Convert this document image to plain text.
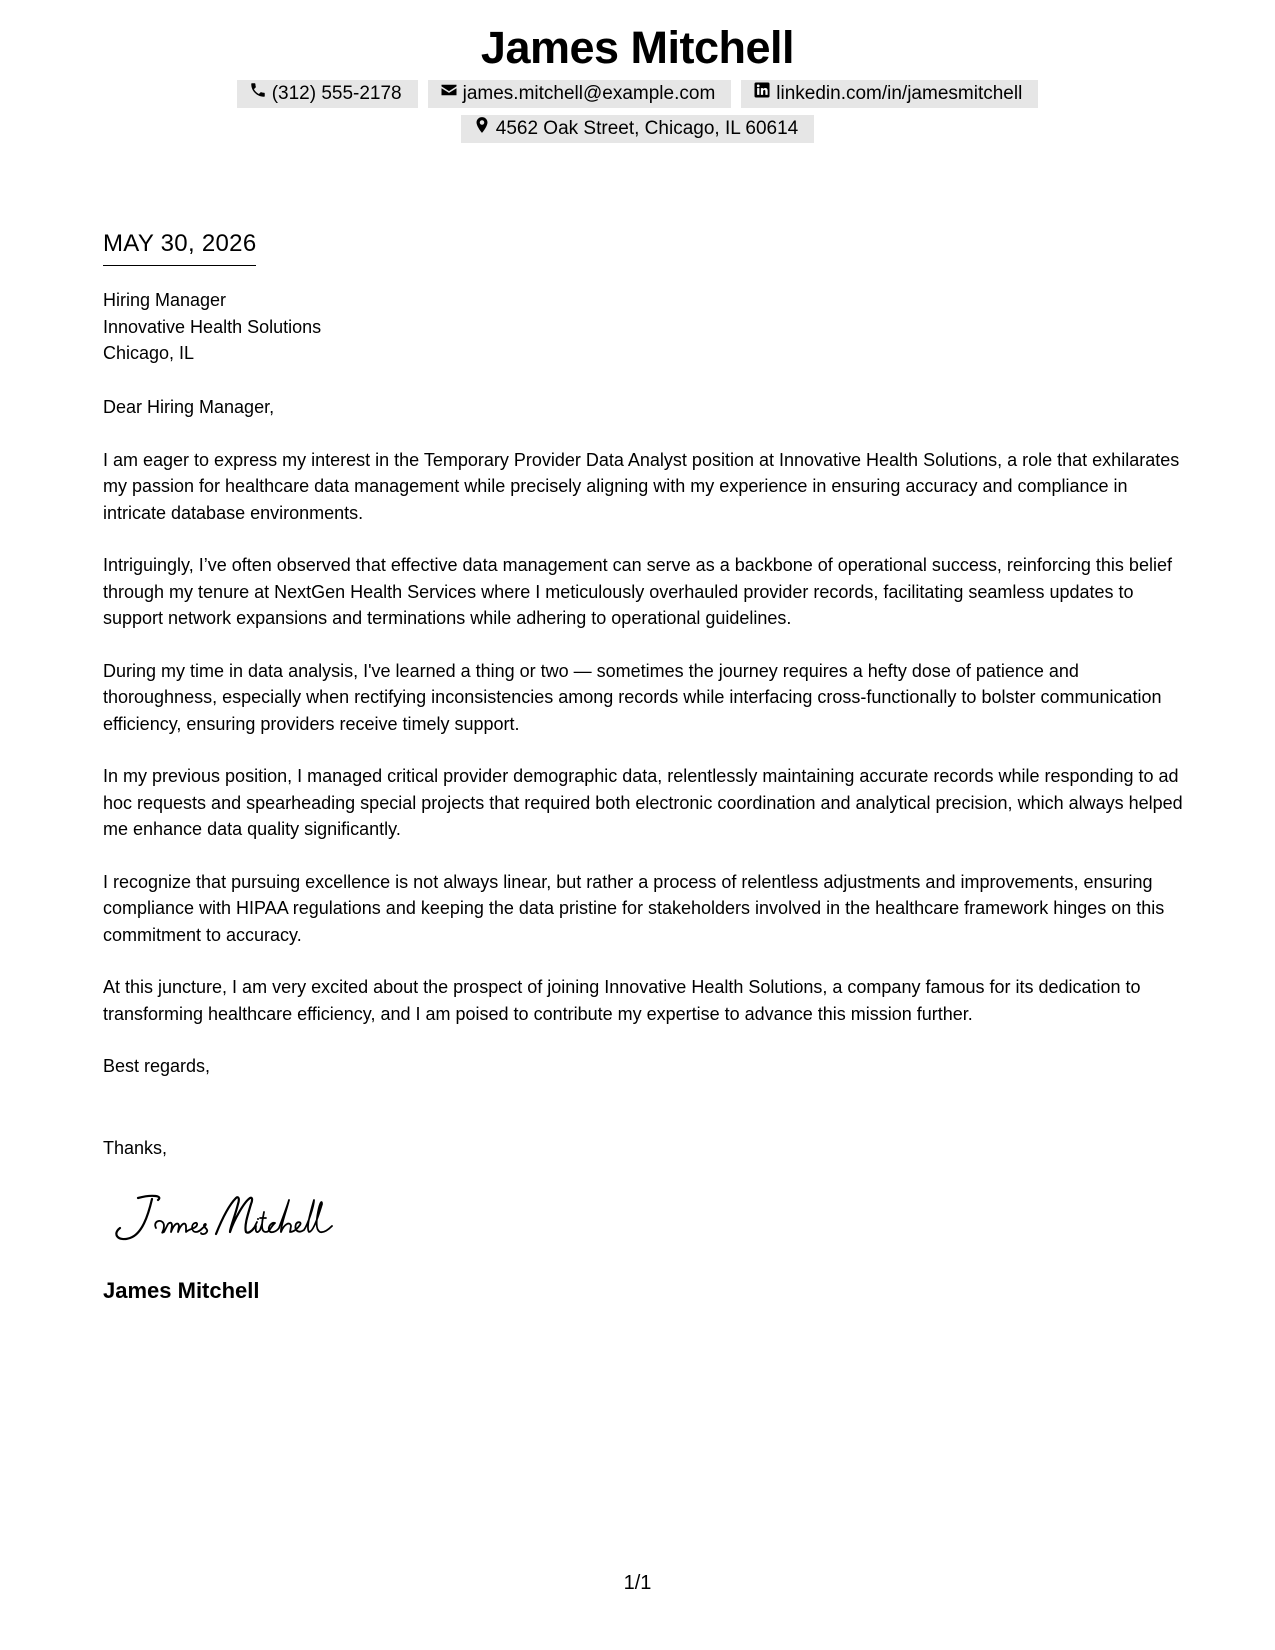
James Mitchell
(312) 555-2178	james.mitchell@example.com	linkedin.com/in/jamesmitchell
4562 Oak Street, Chicago, IL 60614
MAY 30, 2026
Hiring Manager
Innovative Health Solutions
Chicago, IL

Dear Hiring Manager,

I am eager to express my interest in the Temporary Provider Data Analyst position at Innovative Health Solutions, a role that exhilarates my passion for healthcare data management while precisely aligning with my experience in ensuring accuracy and compliance in intricate database environments.

Intriguingly, I’ve often observed that effective data management can serve as a backbone of operational success, reinforcing this belief through my tenure at NextGen Health Services where I meticulously overhauled provider records, facilitating seamless updates to support network expansions and terminations while adhering to operational guidelines.

During my time in data analysis, I've learned a thing or two — sometimes the journey requires a hefty dose of patience and thoroughness, especially when rectifying inconsistencies among records while interfacing cross-functionally to bolster communication efficiency, ensuring providers receive timely support.

In my previous position, I managed critical provider demographic data, relentlessly maintaining accurate records while responding to ad hoc requests and spearheading special projects that required both electronic coordination and analytical precision, which always helped me enhance data quality significantly.

I recognize that pursuing excellence is not always linear, but rather a process of relentless adjustments and improvements, ensuring compliance with HIPAA regulations and keeping the data pristine for stakeholders involved in the healthcare framework hinges on this commitment to accuracy.

At this juncture, I am very excited about the prospect of joining Innovative Health Solutions, a company famous for its dedication to transforming healthcare efficiency, and I am poised to contribute my expertise to advance this mission further.

Best regards,

Thanks,
James Mitchell
1/1
